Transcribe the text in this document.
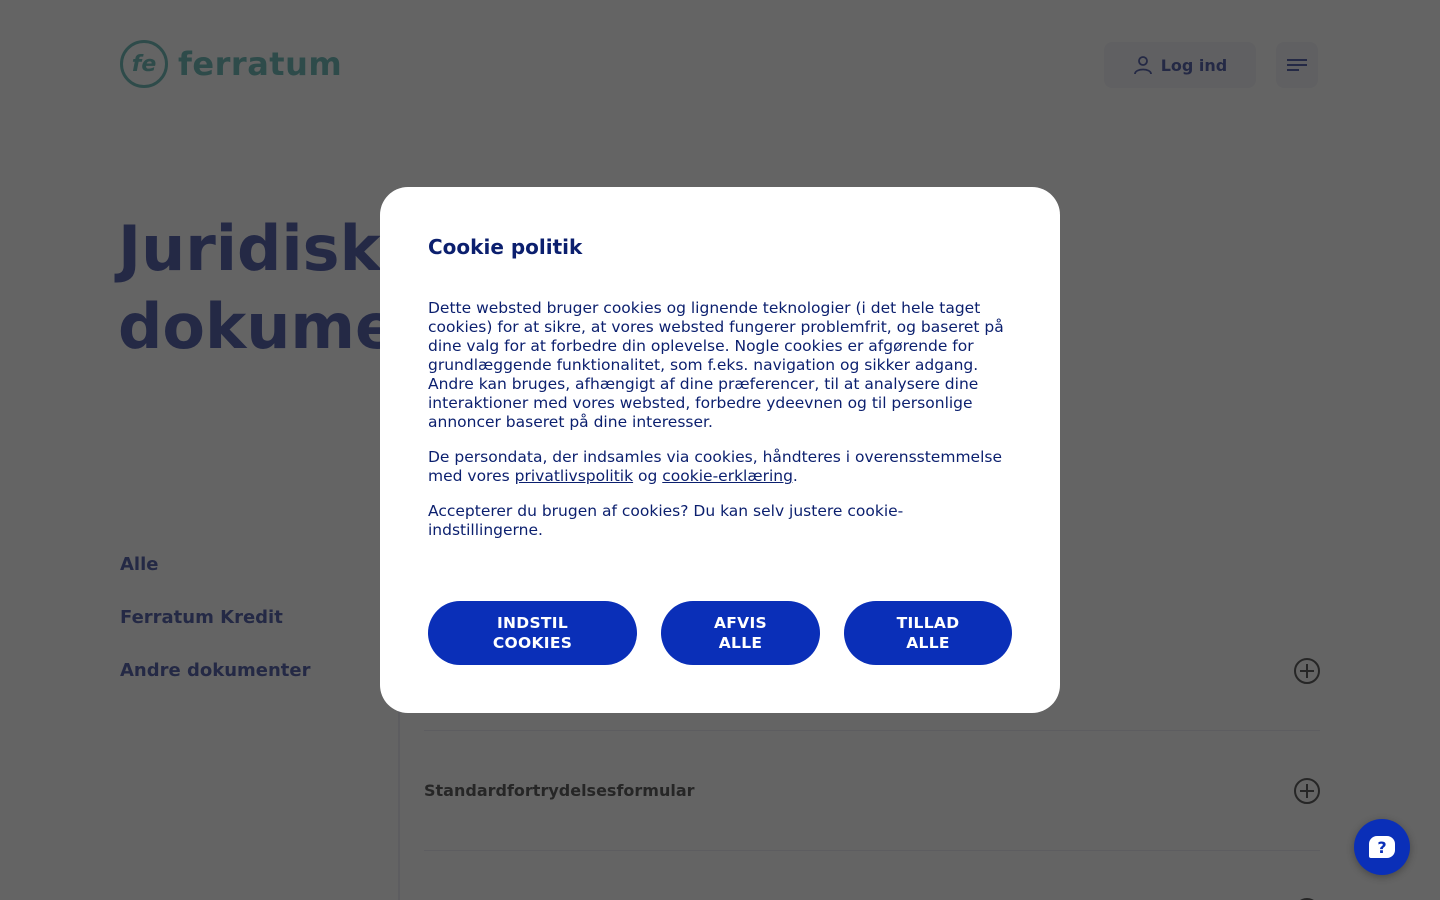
Cookie politik

Dette websted bruger cookies og lignende teknologier (i det hele taget cookies) for at sikre, at vores websted fungerer problemfrit, og baseret på dine valg for at forbedre din oplevelse. Nogle cookies er afgørende for grundlæggende funktionalitet, som f.eks. navigation og sikker adgang. Andre kan bruges, afhængigt af dine præferencer, til at analysere dine interaktioner med vores websted, forbedre ydeevnen og til personlige annoncer baseret på dine interesser.

De persondata, der indsamles via cookies, håndteres i overensstemmelse med vores privatlivspolitik og cookie-erklæring.

Accepterer du brugen af cookies? Du kan selv justere cookie-indstillingerne.

INDSTIL
COOKIES
AFVIS
ALLE
TILLAD
ALLE
?
